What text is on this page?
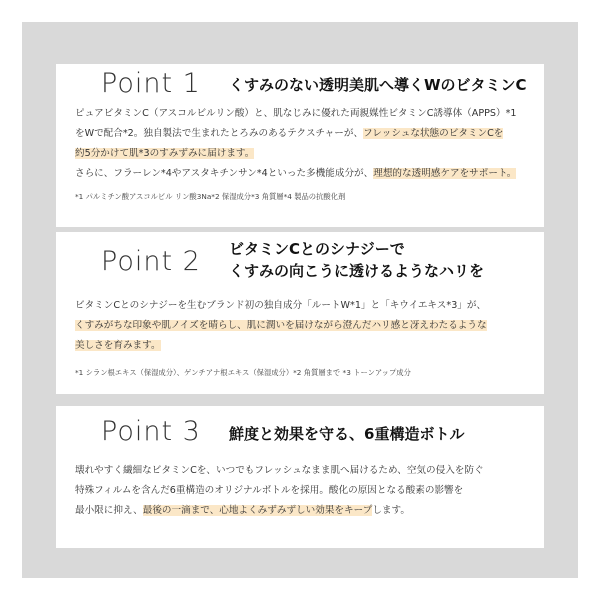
Point 1 くすみのない透明美肌へ導くWのビタミンC
ピュアビタミンC（アスコルビルリン酸）と、肌なじみに優れた両親媒性ビタミンC誘導体（APPS）*1
をWで配合*2。独自製法で生まれたとろみのあるテクスチャーが、フレッシュな状態のビタミンCを
約5分かけて肌*3のすみずみに届けます。
さらに、フラーレン*4やアスタキチンサン*4といった多機能成分が、理想的な透明感ケアをサポート。
*1 パルミチン酸アスコルビル リン酸3Na*2 保湿成分*3 角質層*4 製品の抗酸化剤
Point 2 ビタミンCとのシナジーで
くすみの向こうに透けるようなハリを
ビタミンCとのシナジーを生むブランド初の独自成分「ルートW*1」と「キウイエキス*3」が、
くすみがちな印象や肌ノイズを晴らし、肌に潤いを届けながら澄んだハリ感と冴えわたるような
美しさを育みます。
*1 シラン根エキス（保湿成分）、ゲンチアナ根エキス（保湿成分）*2 角質層まで *3 トーンアップ成分
Point 3 鮮度と効果を守る、6重構造ボトル
壊れやすく繊細なビタミンCを、いつでもフレッシュなまま肌へ届けるため、空気の侵入を防ぐ
特殊フィルムを含んだ6重構造のオリジナルボトルを採用。酸化の原因となる酸素の影響を
最小限に抑え、最後の一滴まで、心地よくみずみずしい効果をキープします。
